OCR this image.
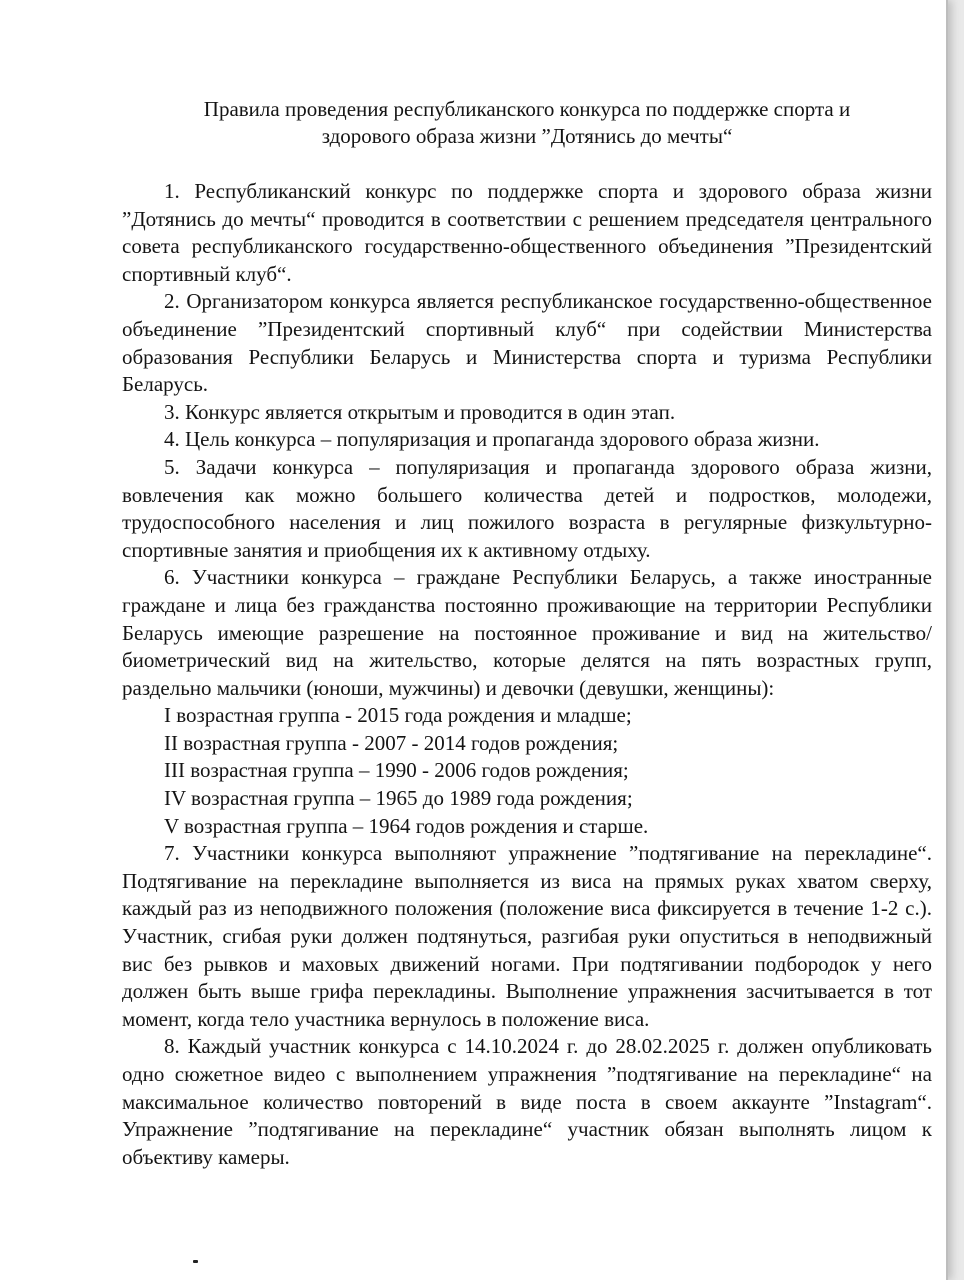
Правила проведения республиканского конкурса по поддержке спорта и
здорового образа жизни ”Дотянись до мечты“

1. Республиканский конкурс по поддержке спорта и здорового образа жизни ”Дотянись до мечты“ проводится в соответствии с решением председателя центрального совета республиканского государственно-общественного объединения ”Президентский спортивный клуб“.

2. Организатором конкурса является республиканское государственно-общественное объединение ”Президентский спортивный клуб“ при содействии Министерства образования Республики Беларусь и Министерства спорта и туризма Республики Беларусь.

3. Конкурс является открытым и проводится в один этап.

4. Цель конкурса – популяризация и пропаганда здорового образа жизни.

5. Задачи конкурса – популяризация и пропаганда здорового образа жизни, вовлечения как можно большего количества детей и подростков, молодежи, трудоспособного населения и лиц пожилого возраста в регулярные физкультурно-спортивные занятия и приобщения их к активному отдыху.

6. Участники конкурса – граждане Республики Беларусь, а также иностранные граждане и лица без гражданства постоянно проживающие на территории Республики Беларусь имеющие разрешение на постоянное проживание и вид на жительство/биометрический вид на жительство, которые делятся на пять возрастных групп, раздельно мальчики (юноши, мужчины) и девочки (девушки, женщины):

I возрастная группа - 2015 года рождения и младше;
II возрастная группа - 2007 - 2014 годов рождения;
III возрастная группа – 1990 - 2006 годов рождения;
IV возрастная группа – 1965 до 1989 года рождения;
V возрастная группа – 1964 годов рождения и старше.

7. Участники конкурса выполняют упражнение ”подтягивание на перекладине“. Подтягивание на перекладине выполняется из виса на прямых руках хватом сверху, каждый раз из неподвижного положения (положение виса фиксируется в течение 1-2 с.). Участник, сгибая руки должен подтянуться, разгибая руки опуститься в неподвижный вис без рывков и маховых движений ногами. При подтягивании подбородок у него должен быть выше грифа перекладины. Выполнение упражнения засчитывается в тот момент, когда тело участника вернулось в положение виса.

8. Каждый участник конкурса с 14.10.2024 г. до 28.02.2025 г. должен опубликовать одно сюжетное видео с выполнением упражнения ”подтягивание на перекладине“ на максимальное количество повторений в виде поста в своем аккаунте ”Instagram“. Упражнение ”подтягивание на перекладине“ участник обязан выполнять лицом к объективу камеры.
